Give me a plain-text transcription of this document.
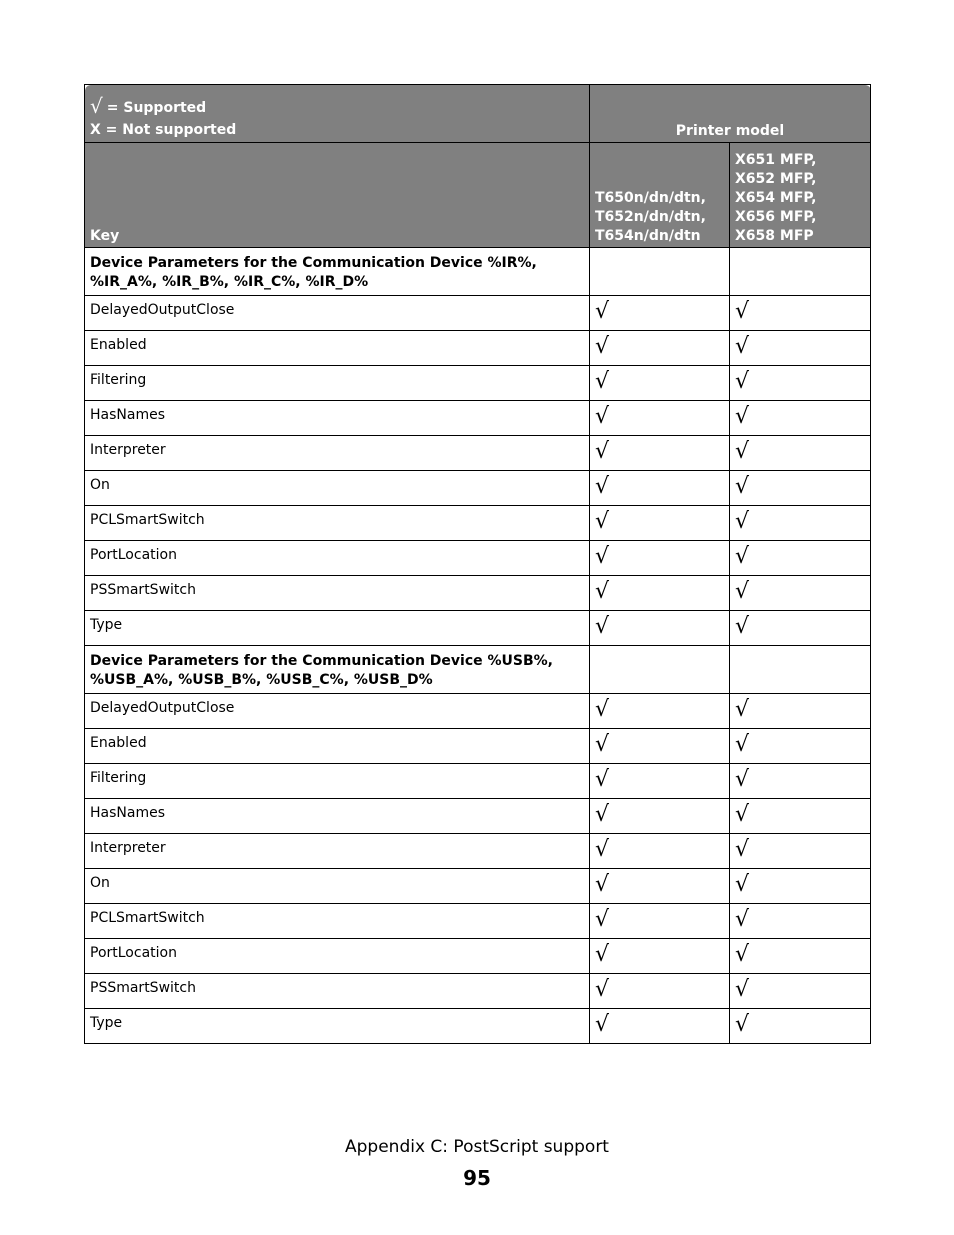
√ = Supported
X = Not supported	Printer model	
Key	T650n/dn/dtn,
T652n/dn/dtn,
T654n/dn/dtn	X651 MFP,
X652 MFP,
X654 MFP,
X656 MFP,
X658 MFP

Device Parameters for the Communication Device %IR%, %IR_A%, %IR_B%, %IR_C%, %IR_D%		
DelayedOutputClose	√	√
Enabled	√	√
Filtering	√	√
HasNames	√	√
Interpreter	√	√
On	√	√
PCLSmartSwitch	√	√
PortLocation	√	√
PSSmartSwitch	√	√
Type	√	√
Device Parameters for the Communication Device %USB%, %USB_A%, %USB_B%, %USB_C%, %USB_D%		
DelayedOutputClose	√	√
Enabled	√	√
Filtering	√	√
HasNames	√	√
Interpreter	√	√
On	√	√
PCLSmartSwitch	√	√
PortLocation	√	√
PSSmartSwitch	√	√
Type	√	√
Appendix C: PostScript support
95
